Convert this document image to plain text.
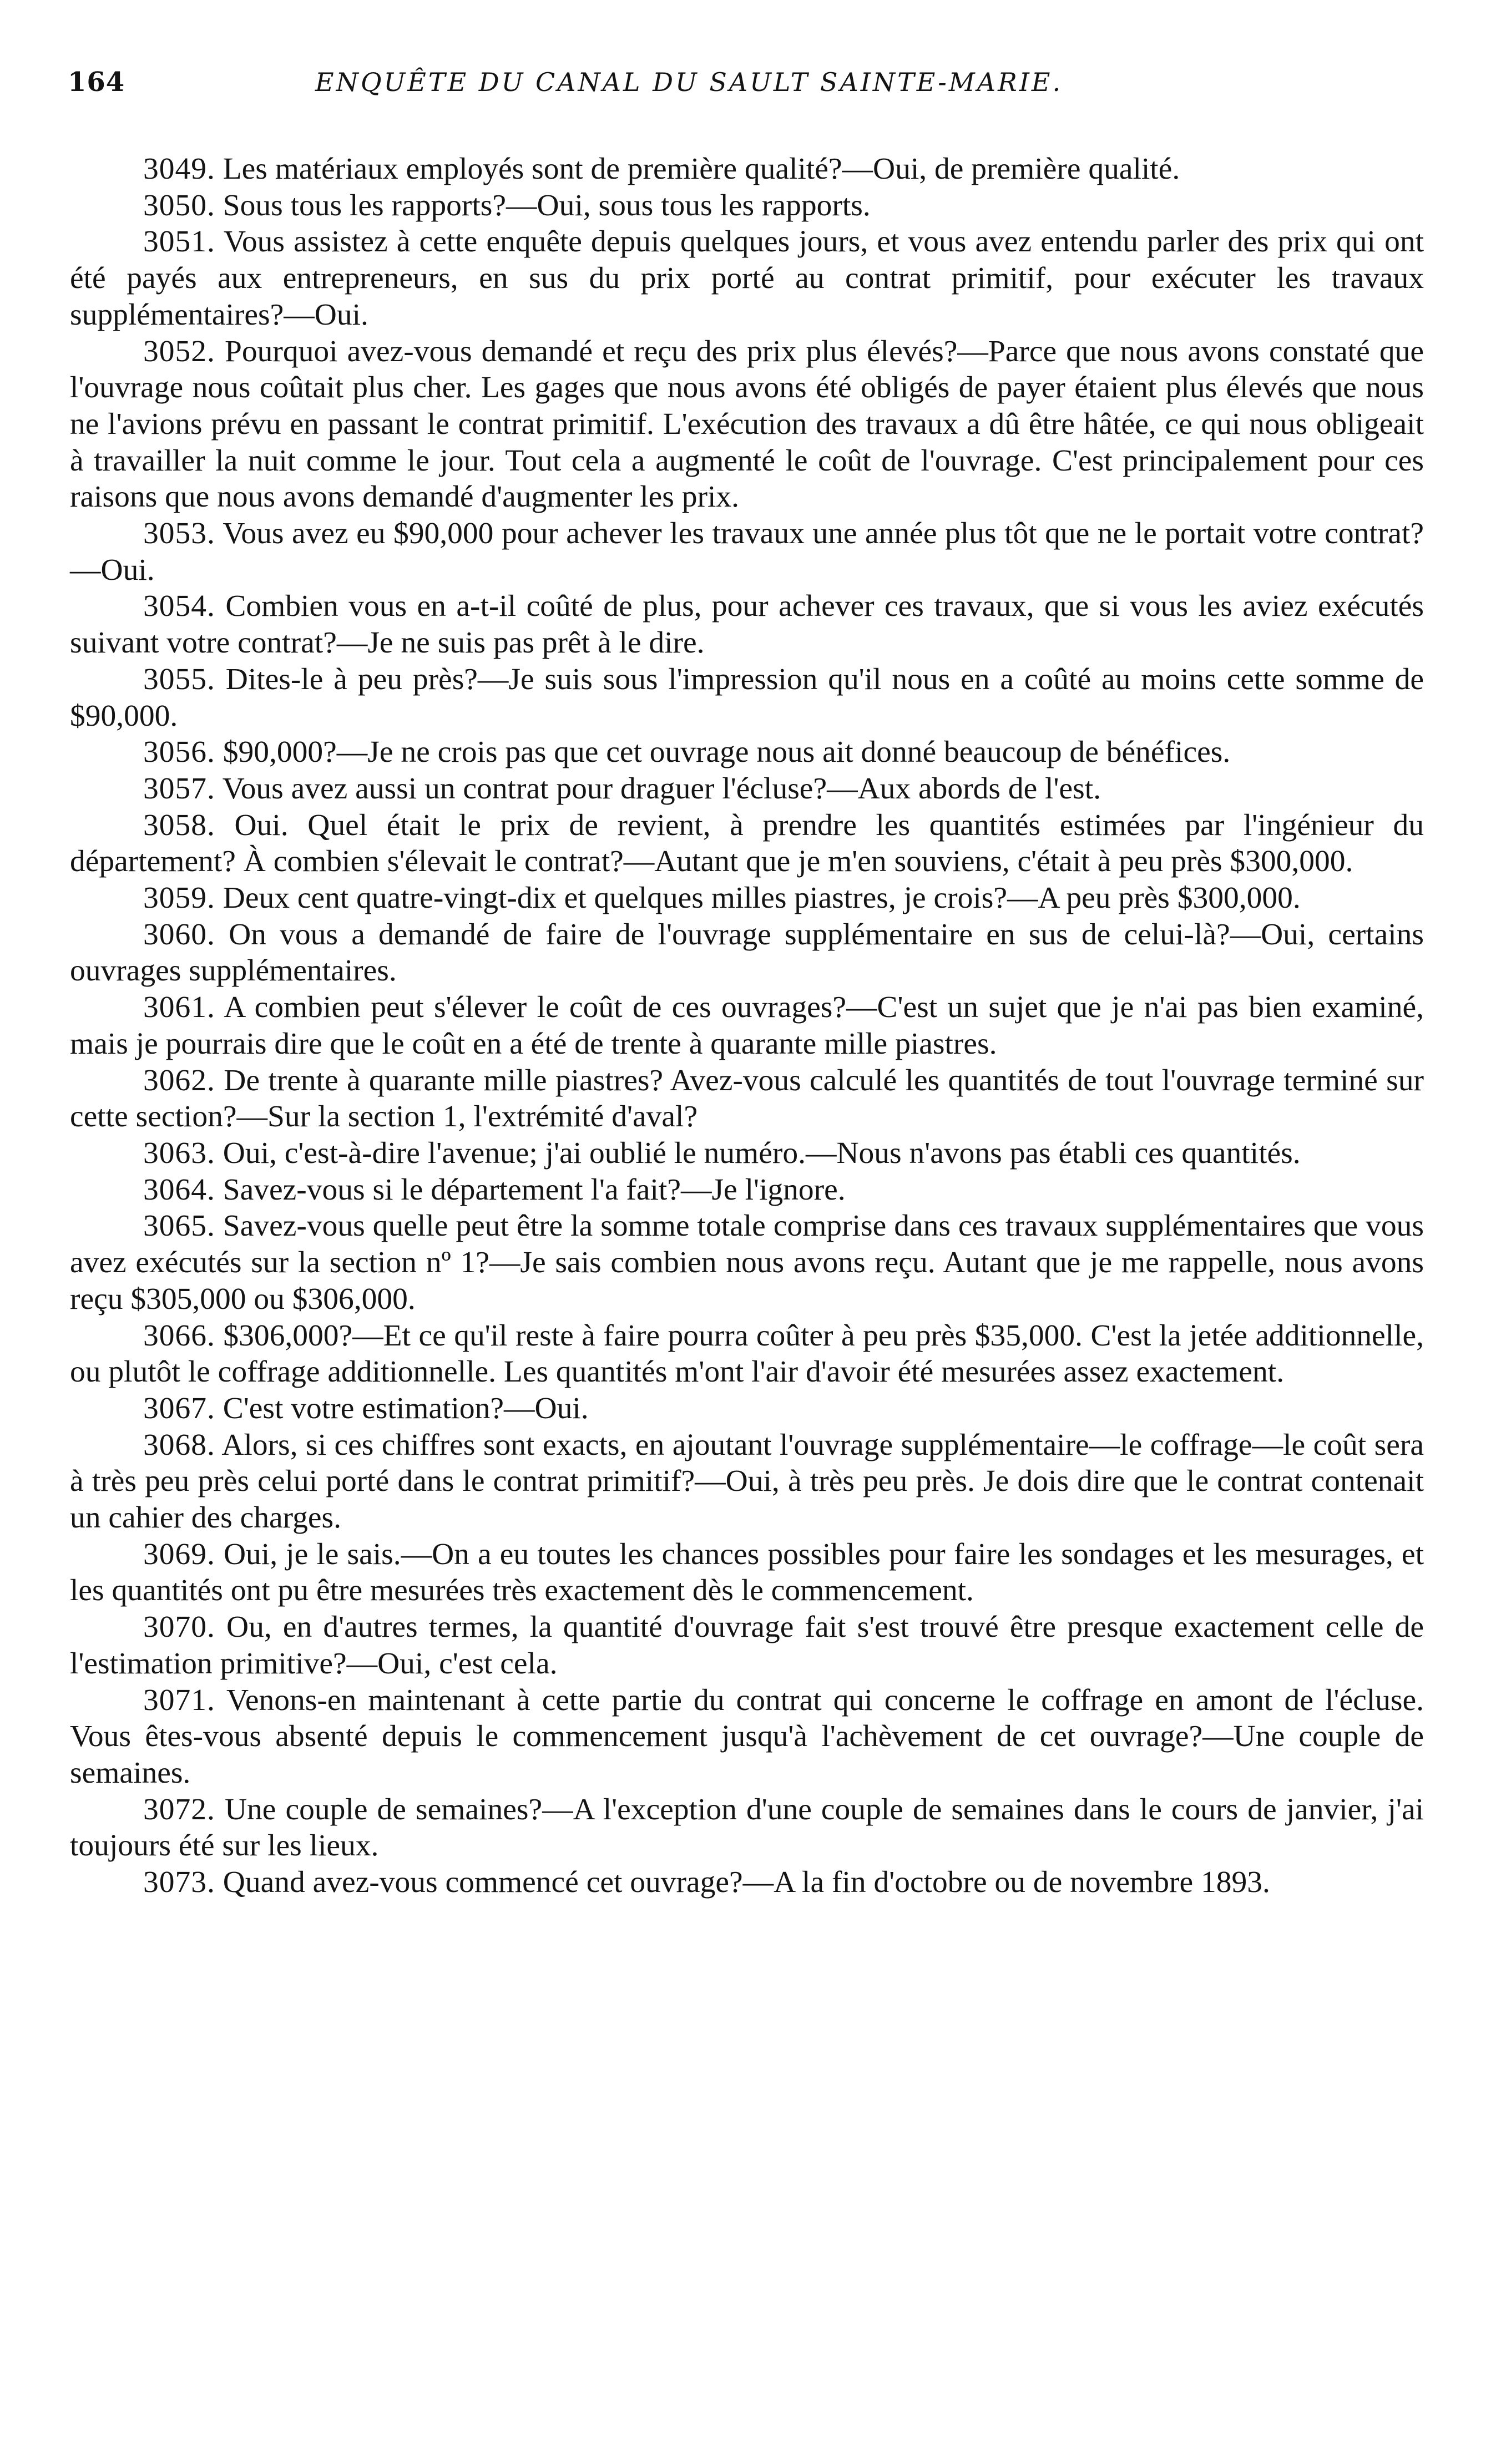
164	ENQUÊTE DU CANAL DU SAULT SAINTE-MARIE.

3049. Les matériaux employés sont de première qualité?—Oui, de première qualité.

3050. Sous tous les rapports?—Oui, sous tous les rapports.

3051. Vous assistez à cette enquête depuis quelques jours, et vous avez entendu parler des prix qui ont été payés aux entrepreneurs, en sus du prix porté au contrat primitif, pour exécuter les travaux supplémentaires?—Oui.

3052. Pourquoi avez-vous demandé et reçu des prix plus élevés?—Parce que nous avons constaté que l'ouvrage nous coûtait plus cher. Les gages que nous avons été obligés de payer étaient plus élevés que nous ne l'avions prévu en passant le contrat primitif. L'exécution des travaux a dû être hâtée, ce qui nous obligeait à travailler la nuit comme le jour. Tout cela a augmenté le coût de l'ouvrage. C'est principalement pour ces raisons que nous avons demandé d'augmenter les prix.

3053. Vous avez eu $90,000 pour achever les travaux une année plus tôt que ne le portait votre contrat?—Oui.

3054. Combien vous en a-t-il coûté de plus, pour achever ces travaux, que si vous les aviez exécutés suivant votre contrat?—Je ne suis pas prêt à le dire.

3055. Dites-le à peu près?—Je suis sous l'impression qu'il nous en a coûté au moins cette somme de $90,000.

3056. $90,000?—Je ne crois pas que cet ouvrage nous ait donné beaucoup de bénéfices.

3057. Vous avez aussi un contrat pour draguer l'écluse?—Aux abords de l'est.

3058. Oui. Quel était le prix de revient, à prendre les quantités estimées par l'ingénieur du département? À combien s'élevait le contrat?—Autant que je m'en souviens, c'était à peu près $300,000.

3059. Deux cent quatre-vingt-dix et quelques milles piastres, je crois?—A peu près $300,000.

3060. On vous a demandé de faire de l'ouvrage supplémentaire en sus de celui-là?—Oui, certains ouvrages supplémentaires.

3061. A combien peut s'élever le coût de ces ouvrages?—C'est un sujet que je n'ai pas bien examiné, mais je pourrais dire que le coût en a été de trente à quarante mille piastres.

3062. De trente à quarante mille piastres? Avez-vous calculé les quantités de tout l'ouvrage terminé sur cette section?—Sur la section 1, l'extrémité d'aval?

3063. Oui, c'est-à-dire l'avenue; j'ai oublié le numéro.—Nous n'avons pas établi ces quantités.

3064. Savez-vous si le département l'a fait?—Je l'ignore.

3065. Savez-vous quelle peut être la somme totale comprise dans ces travaux supplémentaires que vous avez exécutés sur la section nº 1?—Je sais combien nous avons reçu. Autant que je me rappelle, nous avons reçu $305,000 ou $306,000.

3066. $306,000?—Et ce qu'il reste à faire pourra coûter à peu près $35,000. C'est la jetée additionnelle, ou plutôt le coffrage additionnelle. Les quantités m'ont l'air d'avoir été mesurées assez exactement.

3067. C'est votre estimation?—Oui.

3068. Alors, si ces chiffres sont exacts, en ajoutant l'ouvrage supplémentaire—le coffrage—le coût sera à très peu près celui porté dans le contrat primitif?—Oui, à très peu près. Je dois dire que le contrat contenait un cahier des charges.

3069. Oui, je le sais.—On a eu toutes les chances possibles pour faire les sondages et les mesurages, et les quantités ont pu être mesurées très exactement dès le commencement.

3070. Ou, en d'autres termes, la quantité d'ouvrage fait s'est trouvé être presque exactement celle de l'estimation primitive?—Oui, c'est cela.

3071. Venons-en maintenant à cette partie du contrat qui concerne le coffrage en amont de l'écluse. Vous êtes-vous absenté depuis le commencement jusqu'à l'achèvement de cet ouvrage?—Une couple de semaines.

3072. Une couple de semaines?—A l'exception d'une couple de semaines dans le cours de janvier, j'ai toujours été sur les lieux.

3073. Quand avez-vous commencé cet ouvrage?—A la fin d'octobre ou de novembre 1893.
